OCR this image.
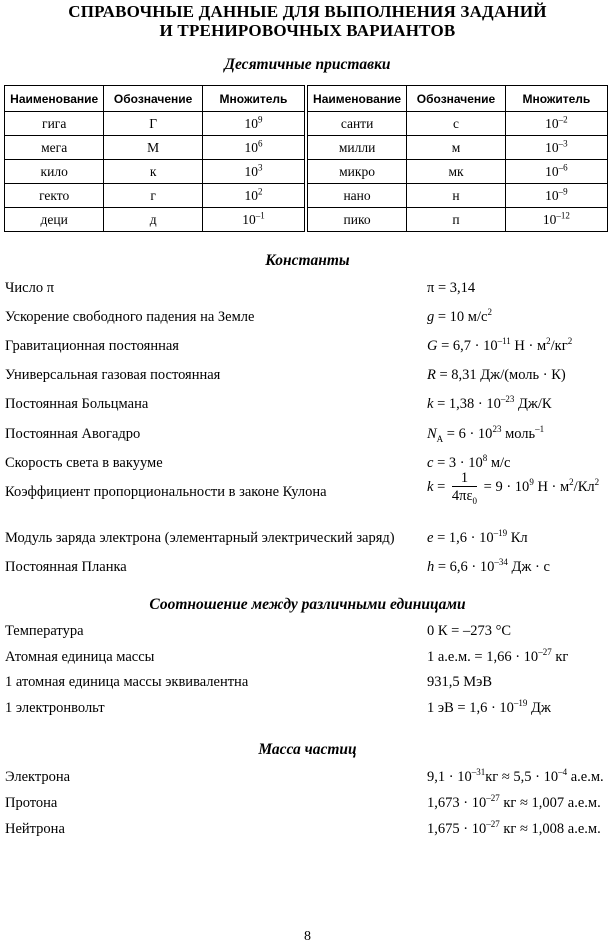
СПРАВОЧНЫЕ ДАННЫЕ ДЛЯ ВЫПОЛНЕНИЯ ЗАДАНИЙ
И ТРЕНИРОВОЧНЫХ ВАРИАНТОВ
Десятичные приставки
Наименование	Обозначение	Множитель		Наименование	Обозначение	Множитель
гига	Г	$10^9$		санти	с	$10^{-2}$
мега	М	$10^6$		милли	м	$10^{-3}$
кило	к	$10^3$		микро	мк	$10^{-6}$
гекто	г	$10^2$		нано	н	$10^{-9}$
деци	д	$10^{-1}$		пико	п	$10^{-12}$
Константы
Число π	π = 3,14
Ускорение свободного падения на Земле	g = 10 $м/с^2$
Гравитационная постоянная	$G = 6,7 \cdot 10^{-11}$ $Н \cdot м^2/кг^2$
Универсальная газовая постоянная	R = 8,31 Дж/(моль · К)
Постоянная Больцмана	$k = 1,38 \cdot 10^{-23}$ Дж/К
Постоянная Авогадро	$N_A = 6 \cdot 10^{23}$ моль$^{-1}$
Скорость света в вакууме	$c = 3 \cdot 10^8$ м/с
Коэффициент пропорциональности в законе Кулона	$k = \frac{1}{4\pi\varepsilon_0} = 9 \cdot 10^9$ $Н \cdot м^2/Кл^2$
Модуль заряда электрона (элементарный электрический заряд) $e = 1,6 \cdot 10^{-19}$ Кл
Постоянная Планка	$h = 6,6 \cdot 10^{-34}$ Дж · с
Соотношение между различными единицами
Температура	0 К = –273 °С
Атомная единица массы	1 а.е.м. = $1,66 \cdot 10^{-27}$ кг
1 атомная единица массы эквивалентна	931,5 МэВ
1 электронвольт	1 эВ = $1,6 \cdot 10^{-19}$ Дж
Масса частиц
Электрона	$9,1 \cdot 10^{-31}кг \approx 5,5 \cdot 10^{-4}$ а.е.м.
Протона	$1,673 \cdot 10^{-27}$ кг ≈ 1,007 а.е.м.
Нейтрона	$1,675 \cdot 10^{-27}$ кг ≈ 1,008 а.е.м.
8
